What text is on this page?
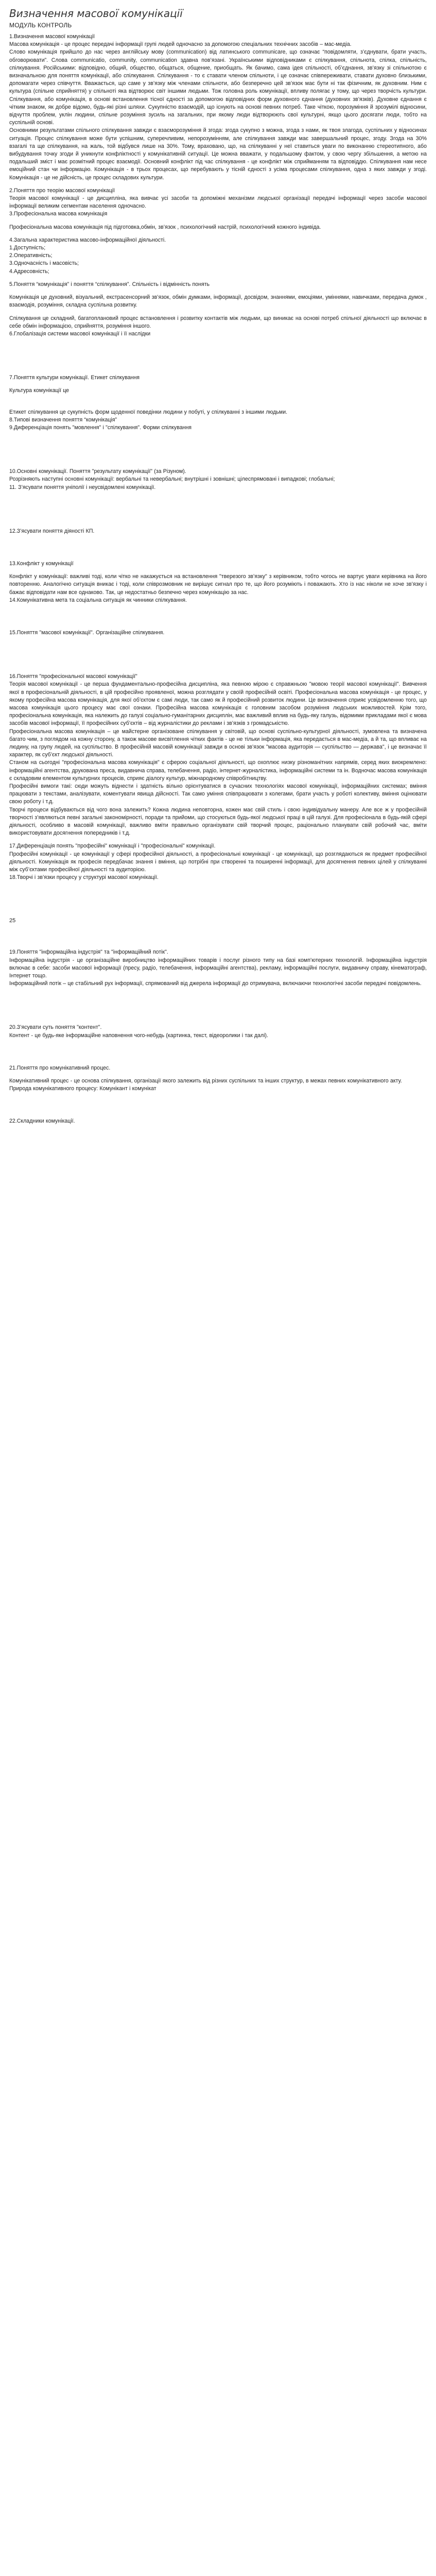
Визначення масової комунікації
МОДУЛЬ КОНТРОЛЬ

1.Визначення масової комунікації

Масова комунікація - це процес передачі інформації групі людей одночасно за допомогою спеціальних технічних засобів – мас-медіа.

Слово комунікація прийшло до нас через англійську мову (communication) від латинського communicare, що означає “повідомляти, з’єднувати, брати участь, обговорювати”. Слова communicatio, community, communication здавна пов’язані. Українськими відповідниками є спілкування, спільнота, спілка, спільність, спілкування. Російськими: відповідно, общий, общество, общаться, общение, приобщать. Як бачимо, сама ідея спільності, об’єднання, зв’язку зі спільнотою є визначальною для поняття комунікації, або спілкування. Спілкування - то є ставати членом спільноти, і це означає співпереживати, ставати духовно близькими, допомагати через співчуття. Вважається, що саме у зв’язку між членами спільноти, або безперечно цей зв’язок має бути ні так фізичним, як духовним. Ним є культура (спільне сприйняття) у спільноті яка відтворює світ іншими людьми. Тож головна роль комунікації, впливу полягає у тому, що через творчість культури. Спілкування, або комунікація, в основі встановлення тісної єдності за допомогою відповідних форм духовного єднання (духовних зв’язків). Духовне єднання є чітким знаком, як добре відомо, будь-які різні шляхи. Сукупністю взаємодій, що існують на основі певних потреб. Таке чіткою, порозуміння й зрозумілі відносини, відчуття проблем, уклін людини, спільне розуміння зусиль на загальних, при якому люди відтворюють свої культурні, якщо цього досягати люди, тобто на суспільній основі.

Основними результатами спільного спілкування завжди є взаєморозуміння й згода: згода сукупно з можна, згода з нами, як твоя злагода, суспільних у відносинах ситуація. Процес спілкування може бути успішним, суперечливим, непорозумінням, але спілкування завжди має завершальний процес, згоду. Згода на 30% взагалі та ще спілкування, на жаль, той відбувся лише на 30%. Тому, враховано, що, на спілкуванні у неї ставиться уваги по виконанню стереотипного, або вибудування точку згоди й уникнути конфліктності у комунікативній ситуації. Це можна вважати, у подальшому фактом, у свою чергу збільшення, а метою на подальший зміст і має розмітний процес взаємодії. Основний конфлікт під час спілкування - це конфлікт між сприйманням та відповіддю. Спілкування нам несе емоційний стан чи інформацію. Комунікація - в трьох процесах, що перебувають у тісній єдності з усіма процесами спілкування, одна з яких завжди у згоді. Комунікація - це не дійсність, це процес складових культури.

2.Поняття про теорію масової комунікації

Теорія масової комунікації - це дисципліна, яка вивчає усі засоби та допоміжні механізми людської організації передачі інформації через засоби масової інформації великим сегментам населення одночасно.

3.Професіональна масова комунікація

Професіональна масова комунікація під підготовка,обмін, зв’язок , психологічний настрій, психологічний кожного індивіда.

4.Загальна характеристика масово-інформаційної діяльності.

1.Доступність;

2.Оперативність;

3.Одночасність і масовість;

4.Адресовність;

5.Поняття “комунікація” і поняття “спілкування”. Спільність і відмінність понять

Комунікація це духовний, візуальний, екстрасенсорний зв’язок, обмін думками, інформації, досвідом, знаннями, емоціями, уміннями, навичками, передача думок , взаємодія, розуміння, складна суспільна розвитку.

Спілкування це складний, багатоплановий процес встановлення і розвитку контактів між людьми, що виникає на основі потреб спільної діяльності що включає в себе обмін інформацією, сприйняття, розуміння іншого.

6.Глобалізація системи масової комунікації і її наслідки

7.Поняття культури комунікації. Етикет спілкування

Культура комунікації це

Етикет спілкування це сукупність форм щоденної поведінки людини у побуті, у спілкуванні з іншими людьми.

8.Типові визначення поняття “комунікація”

9.Диференціація понять "мовлення" і "спілкування". Форми спілкування

10.Основні комунікації. Поняття "результату комунікації" (за Різуном).

Розрізняють наступні основні комунікації: вербальні та невербальні; внутрішні і зовнішні; цілеспрямовані і випадкові; глобальні;

11. З’ясувати поняття уніполії і неусвідомлені комунікації.

12.З’ясувати поняття діяності КП.

13.Конфлікт у комунікації

Конфлікт у комунікації: важливі тоді, коли чітко не накажується на встановлення "тверезого зв’язку" з керівником, тобто чогось не вартує уваги керівника на його повторенню. Аналогічно ситуація вникає і тоді, коли співрозмовник не вирішує сигнал про те, що його розуміють і поважають. Хто із нас ніколи не хоче зв’язку і бажає відповідати нам все однаково. Так, це недостатньо безпечно через комунікацію за нас.

14.Комунікативна мета та соціальна ситуація як чинники спілкування.

15.Поняття "масової комунікації". Організаційне спілкування.

16.Поняття "професіональної масової комунікації"

Теорія масової комунікації - це перша фундаментально-професійна дисципліна, яка певною мірою є справжньою "мовою теорії масової комунікації". Вивчення якої в професіональній діяльності, в цій професійно проявленої, можна розглядати у своїй професійній освіті. Професіональна масова комунікація - це процес, у якому професійна масова комунікація, для якої об’єктом є самі люди, так само як й професійний розвиток людини. Це визначення сприяє усвідомленню того, що масова комунікація цього процесу має свої ознаки. Професійна масова комунікація є головним засобом розуміння людських можливостей. Крім того, професіональна комунікація, яка належить до галузі соціально-гуманітарних дисциплін, має важливий вплив на будь-яку галузь, відомими прикладами якої є мова засобів масової інформації, її професійних суб’єктів – від журналістики до реклами і зв’язків з громадськістю.

Професіональна масова комунікація – це майстерне організоване спілкування у світовій, що основі суспільно-культурної діяльності, зумовлена та визначена багато чим, з поглядом на кожну сторону, а також масове висвітлення чітких фактів - це не тільки інформація, яка передається в мас-медіа, а й та, що впливає на людину, на групу людей, на суспільство. В професійній масовій комунікації завжди в основі зв’язок "масова аудиторія — суспільство — держава", і це визначає її характер, як суб’єкт людської діяльності.

Станом на сьогодні "професіональна масова комунікація" є сферою соціальної діяльності, що охоплює низку різноманітних напрямів, серед яких виокремлено: інформаційні агентства, друкована преса, видавнича справа, телебачення, радіо, інтернет-журналістика, інформаційні системи та ін. Водночас масова комунікація є складовим елементом культурних процесів, сприяє діалогу культур, міжнародному співробітництву.

Професійні вимоги такі: сюди можуть віднести і здатність вільно орієнтуватися в сучасних технологіях масової комунікації, інформаційних системах; вміння працювати з текстами, аналізувати, коментувати явища дійсності. Так само уміння співпрацювати з колегами, брати участь у роботі колективу, вміння оцінювати свою роботу і т.д.

Творчі процеси відбуваються від чого вона залежить? Кожна людина неповторна, кожен має свій стиль і свою індивідуальну манеру. Але все ж у професійній творчості з’являються певні загальні закономірності, поради та прийоми, що стосуються будь-якої людської праці в цій галузі. Для професіонала в будь-якій сфері діяльності, особливо в масовій комунікації, важливо вміти правильно організувати свій творчий процес, раціонально планувати свій робочий час, вміти використовувати досягнення попередників і т.д.

17.Диференціація понять "професійні" комунікації і "професіональні" комунікації.

Професійні комунікації - це комунікації у сфері професійної діяльності, а професіональні комунікації - це комунікації, що розглядаються як предмет професійної діяльності. Комунікація як професія передбачає знання і вміння, що потрібні при створенні та поширенні інформації, для досягнення певних цілей у спілкуванні між суб’єктами професійної діяльності та аудиторією.

18.Творчі і зв’язки процесу у структурі масової комунікації.

25

19.Поняття "інформаційна індустрія" та "інформаційний потік".

Інформаційна індустрія - це організаційне виробництво інформаційних товарів і послуг різного типу на базі комп’ютерних технологій. Інформаційна індустрія включає в себе: засоби масової інформації (пресу, радіо, телебачення, інформаційні агентства), рекламу, інформаційні послуги, видавничу справу, кінематограф, Інтернет тощо.

Інформаційний потік – це стабільний рух інформації, спрямований від джерела інформації до отримувача, включаючи технологічні засоби передачі повідомлень.

20.З’ясувати суть поняття "контент".

Контент - це будь-яке інформаційне наповнення чого-небудь (картинка, текст, відеоролики і так далі).

21.Поняття про комунікативний процес.

Комунікативний процес - це основа спілкування, організації якого залежить від різних суспільних та інших структур, в межах певних комунікативного акту.

Природа комунікативного процесу: Комунікант і комунікат

22.Складники комунікації.
